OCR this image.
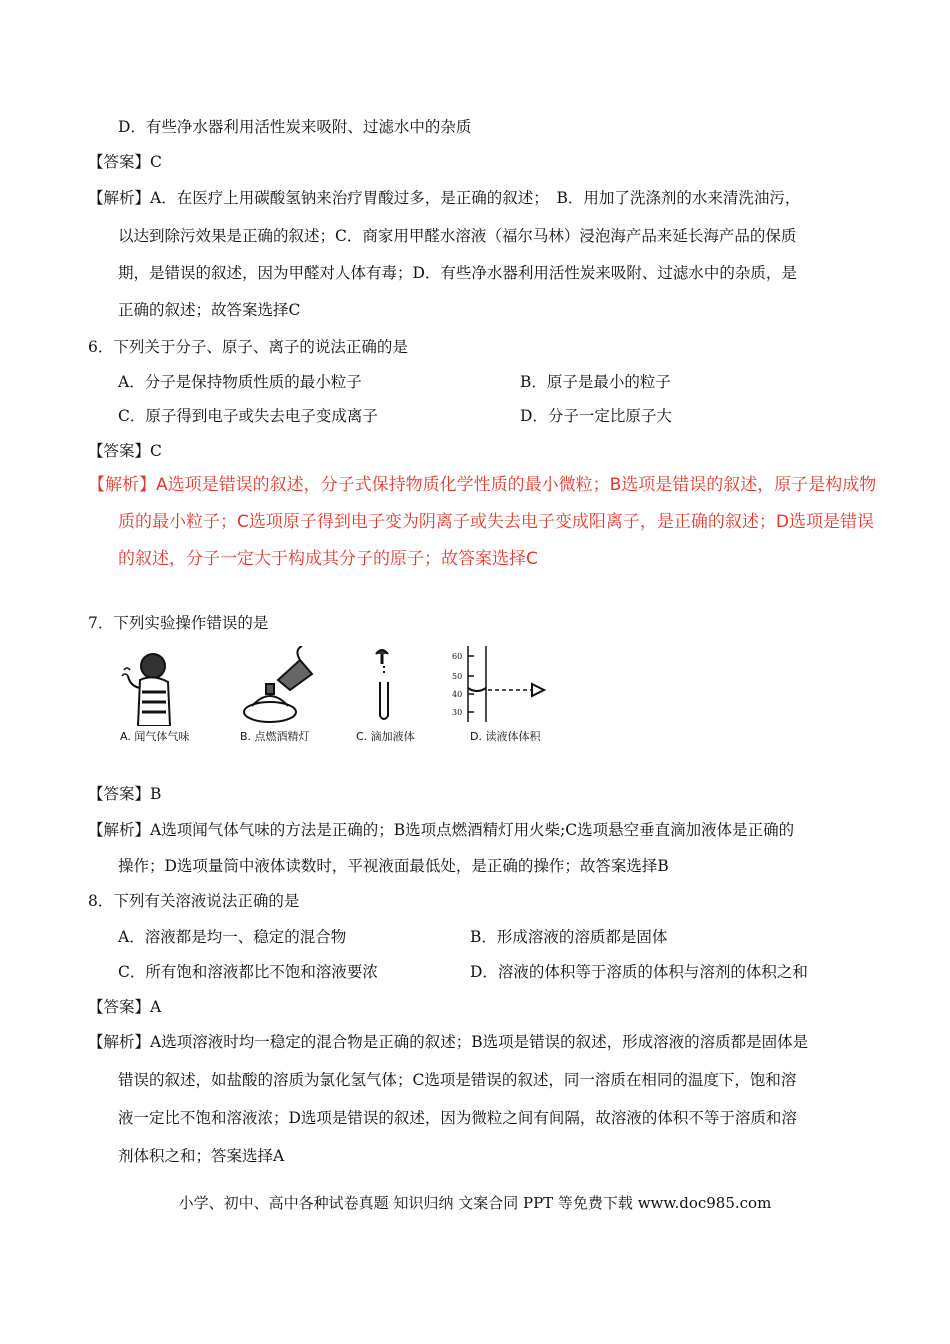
D．有些净水器利用活性炭来吸附、过滤水中的杂质
【答案】C
【解析】A．在医疗上用碳酸氢钠来治疗胃酸过多，是正确的叙述；　B．用加了洗涤剂的水来清洗油污，
以达到除污效果是正确的叙述；C．商家用甲醛水溶液（福尔马林）浸泡海产品来延长海产品的保质
期，是错误的叙述，因为甲醛对人体有毒；D．有些净水器利用活性炭来吸附、过滤水中的杂质，是
正确的叙述；故答案选择C
6．下列关于分子、原子、离子的说法正确的是
A．分子是保持物质性质的最小粒子	B．原子是最小的粒子
C．原子得到电子或失去电子变成离子	D．分子一定比原子大
【答案】C
【解析】A选项是错误的叙述，分子式保持物质化学性质的最小微粒；B选项是错误的叙述，原子是构成物
质的最小粒子；C选项原子得到电子变为阴离子或失去电子变成阳离子，是正确的叙述；D选项是错误
的叙述，分子一定大于构成其分子的原子；故答案选择C
7．下列实验操作错误的是
60
50
40
30
A. 闻气体气味	B. 点燃酒精灯	C. 滴加液体	D. 读液体体积
【答案】B
【解析】A选项闻气体气味的方法是正确的；B选项点燃酒精灯用火柴;C选项悬空垂直滴加液体是正确的
操作；D选项量筒中液体读数时，平视液面最低处，是正确的操作；故答案选择B
8．下列有关溶液说法正确的是
A．溶液都是均一、稳定的混合物	B．形成溶液的溶质都是固体
C．所有饱和溶液都比不饱和溶液要浓	D．溶液的体积等于溶质的体积与溶剂的体积之和
【答案】A
【解析】A选项溶液时均一稳定的混合物是正确的叙述；B选项是错误的叙述，形成溶液的溶质都是固体是
错误的叙述，如盐酸的溶质为氯化氢气体；C选项是错误的叙述，同一溶质在相同的温度下，饱和溶
液一定比不饱和溶液浓；D选项是错误的叙述，因为微粒之间有间隔，故溶液的体积不等于溶质和溶
剂体积之和；答案选择A
小学、初中、高中各种试卷真题 知识归纳 文案合同 PPT 等免费下载 www.doc985.com
